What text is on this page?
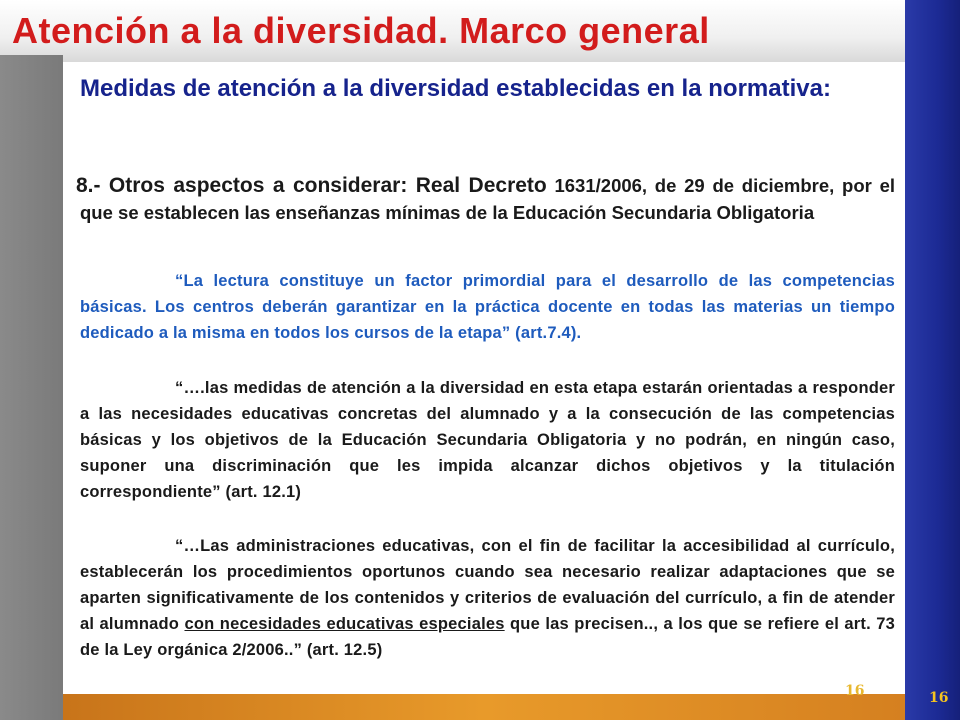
Atención a la diversidad. Marco general

Medidas de atención a la diversidad establecidas en la normativa:

8.- Otros aspectos a considerar: Real Decreto 1631/2006, de 29 de diciembre, por el que se establecen las enseñanzas mínimas de la Educación Secundaria Obligatoria

“La lectura constituye un factor primordial para el desarrollo de las competencias básicas. Los centros deberán garantizar en la práctica docente en todas las materias un tiempo dedicado a la misma en todos los cursos de la etapa” (art.7.4).

“….las medidas de atención a la diversidad en esta etapa estarán orientadas a responder a las necesidades educativas concretas del alumnado y a la consecución de las competencias básicas y los objetivos de la Educación Secundaria Obligatoria y no podrán, en ningún caso, suponer una discriminación que les impida alcanzar dichos objetivos y la titulación correspondiente” (art. 12.1)

“…Las administraciones educativas, con el fin de facilitar la accesibilidad al currículo, establecerán los procedimientos oportunos cuando sea necesario realizar adaptaciones que se aparten significativamente de los contenidos y criterios de evaluación del currículo, a fin de atender al alumnado con necesidades educativas especiales que las precisen.., a los que se refiere el art. 73 de la Ley orgánica 2/2006..” (art. 12.5)

16	16
